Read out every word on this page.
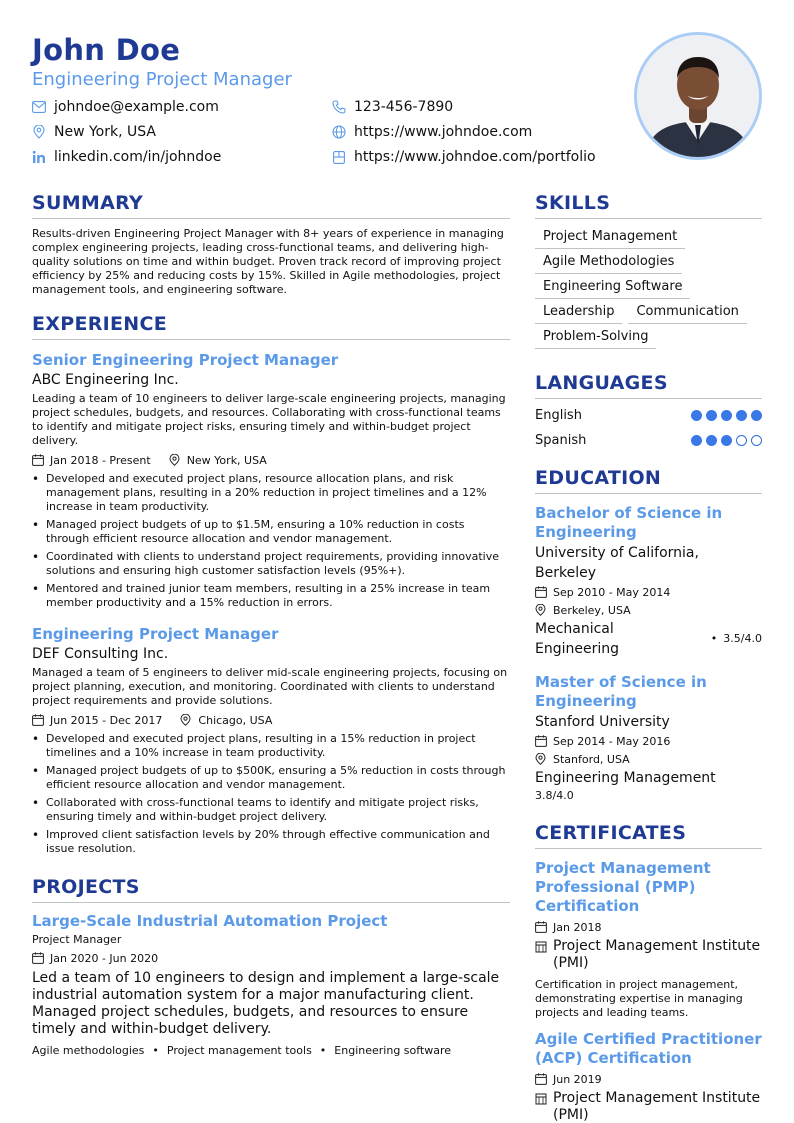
John Doe
Engineering Project Manager
johndoe@example.com	123-456-7890
New York, USA	https://www.johndoe.com
linkedin.com/in/johndoe	https://www.johndoe.com/portfolio
SUMMARY
Results-driven Engineering Project Manager with 8+ years of experience in managing complex engineering projects, leading cross-functional teams, and delivering high-quality solutions on time and within budget. Proven track record of improving project efficiency by 25% and reducing costs by 15%. Skilled in Agile methodologies, project management tools, and engineering software.
EXPERIENCE
Senior Engineering Project Manager
ABC Engineering Inc.
Leading a team of 10 engineers to deliver large-scale engineering projects, managing project schedules, budgets, and resources. Collaborating with cross-functional teams to identify and mitigate project risks, ensuring timely and within-budget project delivery.
Jan 2018 - Present	New York, USA
• Developed and executed project plans, resource allocation plans, and risk management plans, resulting in a 20% reduction in project timelines and a 12% increase in team productivity.
• Managed project budgets of up to $1.5M, ensuring a 10% reduction in costs through efficient resource allocation and vendor management.
• Coordinated with clients to understand project requirements, providing innovative solutions and ensuring high customer satisfaction levels (95%+).
• Mentored and trained junior team members, resulting in a 25% increase in team member productivity and a 15% reduction in errors.
Engineering Project Manager
DEF Consulting Inc.
Managed a team of 5 engineers to deliver mid-scale engineering projects, focusing on project planning, execution, and monitoring. Coordinated with clients to understand project requirements and provide solutions.
Jun 2015 - Dec 2017	Chicago, USA
• Developed and executed project plans, resulting in a 15% reduction in project timelines and a 10% increase in team productivity.
• Managed project budgets of up to $500K, ensuring a 5% reduction in costs through efficient resource allocation and vendor management.
• Collaborated with cross-functional teams to identify and mitigate project risks, ensuring timely and within-budget project delivery.
• Improved client satisfaction levels by 20% through effective communication and issue resolution.
PROJECTS
Large-Scale Industrial Automation Project
Project Manager
Jan 2020 - Jun 2020
Led a team of 10 engineers to design and implement a large-scale industrial automation system for a major manufacturing client. Managed project schedules, budgets, and resources to ensure timely and within-budget delivery.
Agile methodologies • Project management tools • Engineering software
SKILLS
Project Management
Agile Methodologies
Engineering Software
Leadership	Communication
Problem-Solving
LANGUAGES
English
Spanish
EDUCATION
Bachelor of Science in Engineering
University of California, Berkeley
Sep 2010 - May 2014
Berkeley, USA
Mechanical Engineering
• 3.5/4.0
Master of Science in Engineering
Stanford University
Sep 2014 - May 2016
Stanford, USA
Engineering Management
3.8/4.0
CERTIFICATES
Project Management Professional (PMP) Certification
Jan 2018
Project Management Institute (PMI)
Certification in project management, demonstrating expertise in managing projects and leading teams.
Agile Certified Practitioner (ACP) Certification
Jun 2019
Project Management Institute (PMI)
